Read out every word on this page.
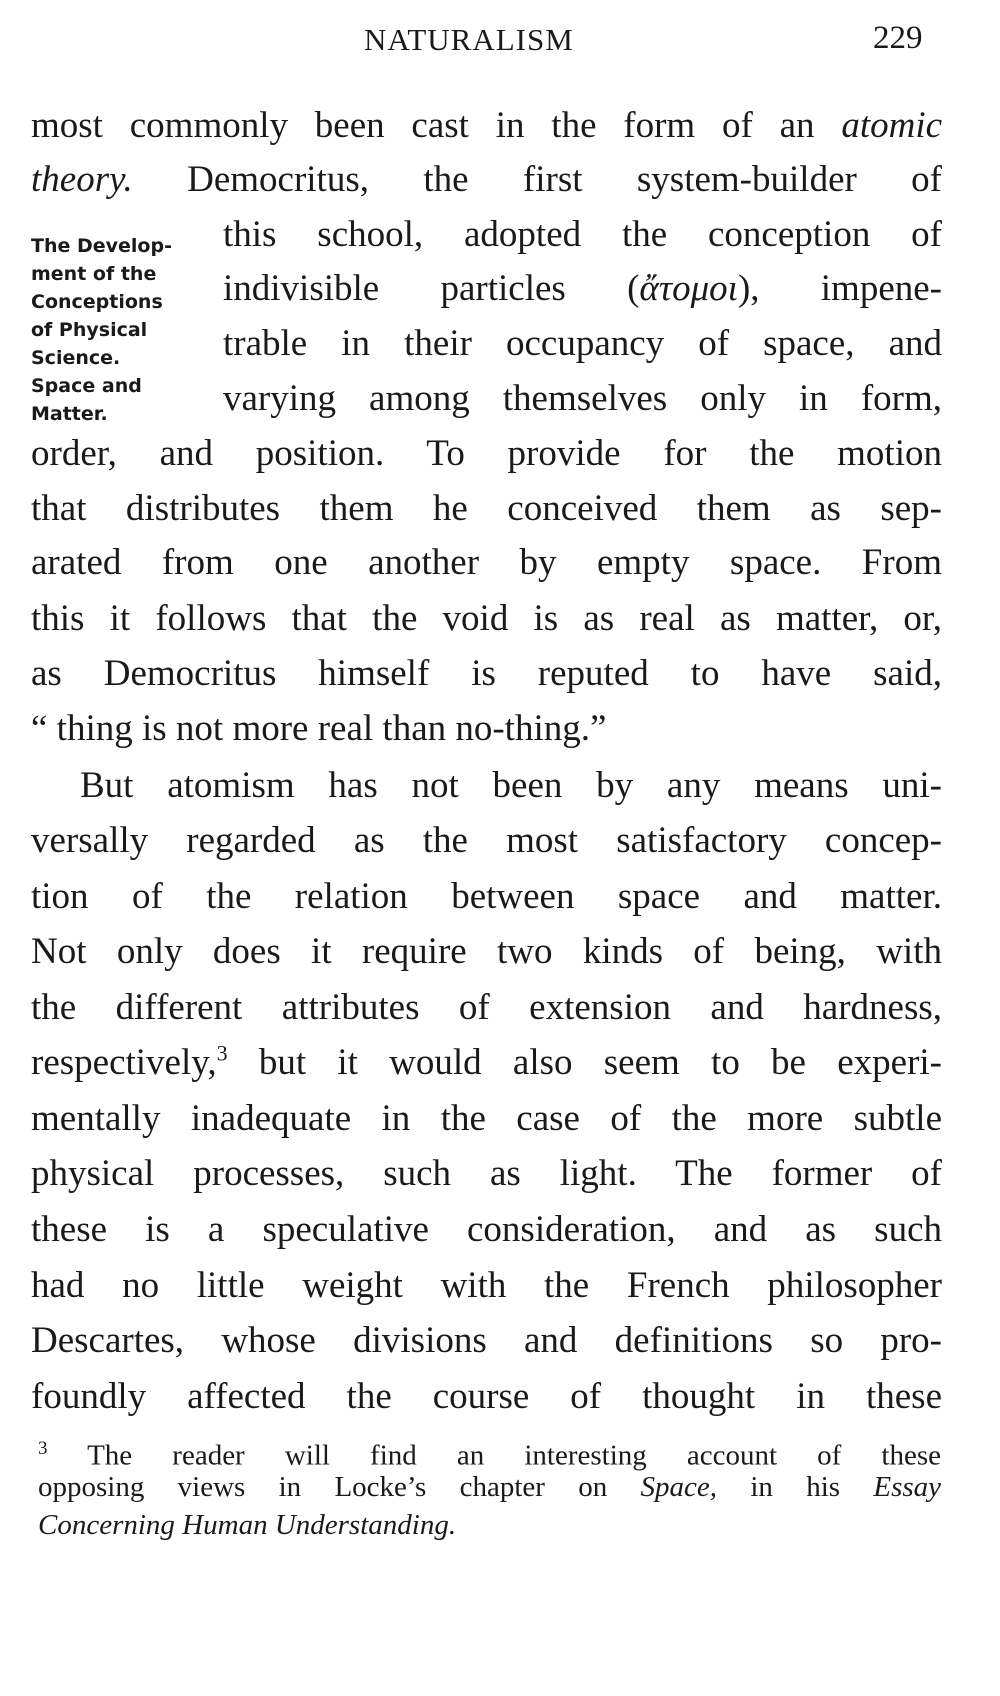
NATURALISM	229
The Develop-
ment of the
Conceptions
of Physical
Science.
Space and
Matter.
most commonly been cast in the form of an atomic
theory. Democritus, the first system-builder of
this school, adopted the conception of
indivisible particles (ἄτομοι), impene-
trable in their occupancy of space, and
varying among themselves only in form,
order, and position. To provide for the motion
that distributes them he conceived them as sep-
arated from one another by empty space. From
this it follows that the void is as real as matter, or,
as Democritus himself is reputed to have said,
“ thing is not more real than no-thing.”
But atomism has not been by any means uni-
versally regarded as the most satisfactory concep-
tion of the relation between space and matter.
Not only does it require two kinds of being, with
the different attributes of extension and hardness,
respectively,$^3$ but it would also seem to be experi-
mentally inadequate in the case of the more subtle
physical processes, such as light. The former of
these is a speculative consideration, and as such
had no little weight with the French philosopher
Descartes, whose divisions and definitions so pro-
foundly affected the course of thought in these
$^3$ The reader will find an interesting account of these
opposing views in Locke’s chapter on Space, in his Essay
Concerning Human Understanding.
